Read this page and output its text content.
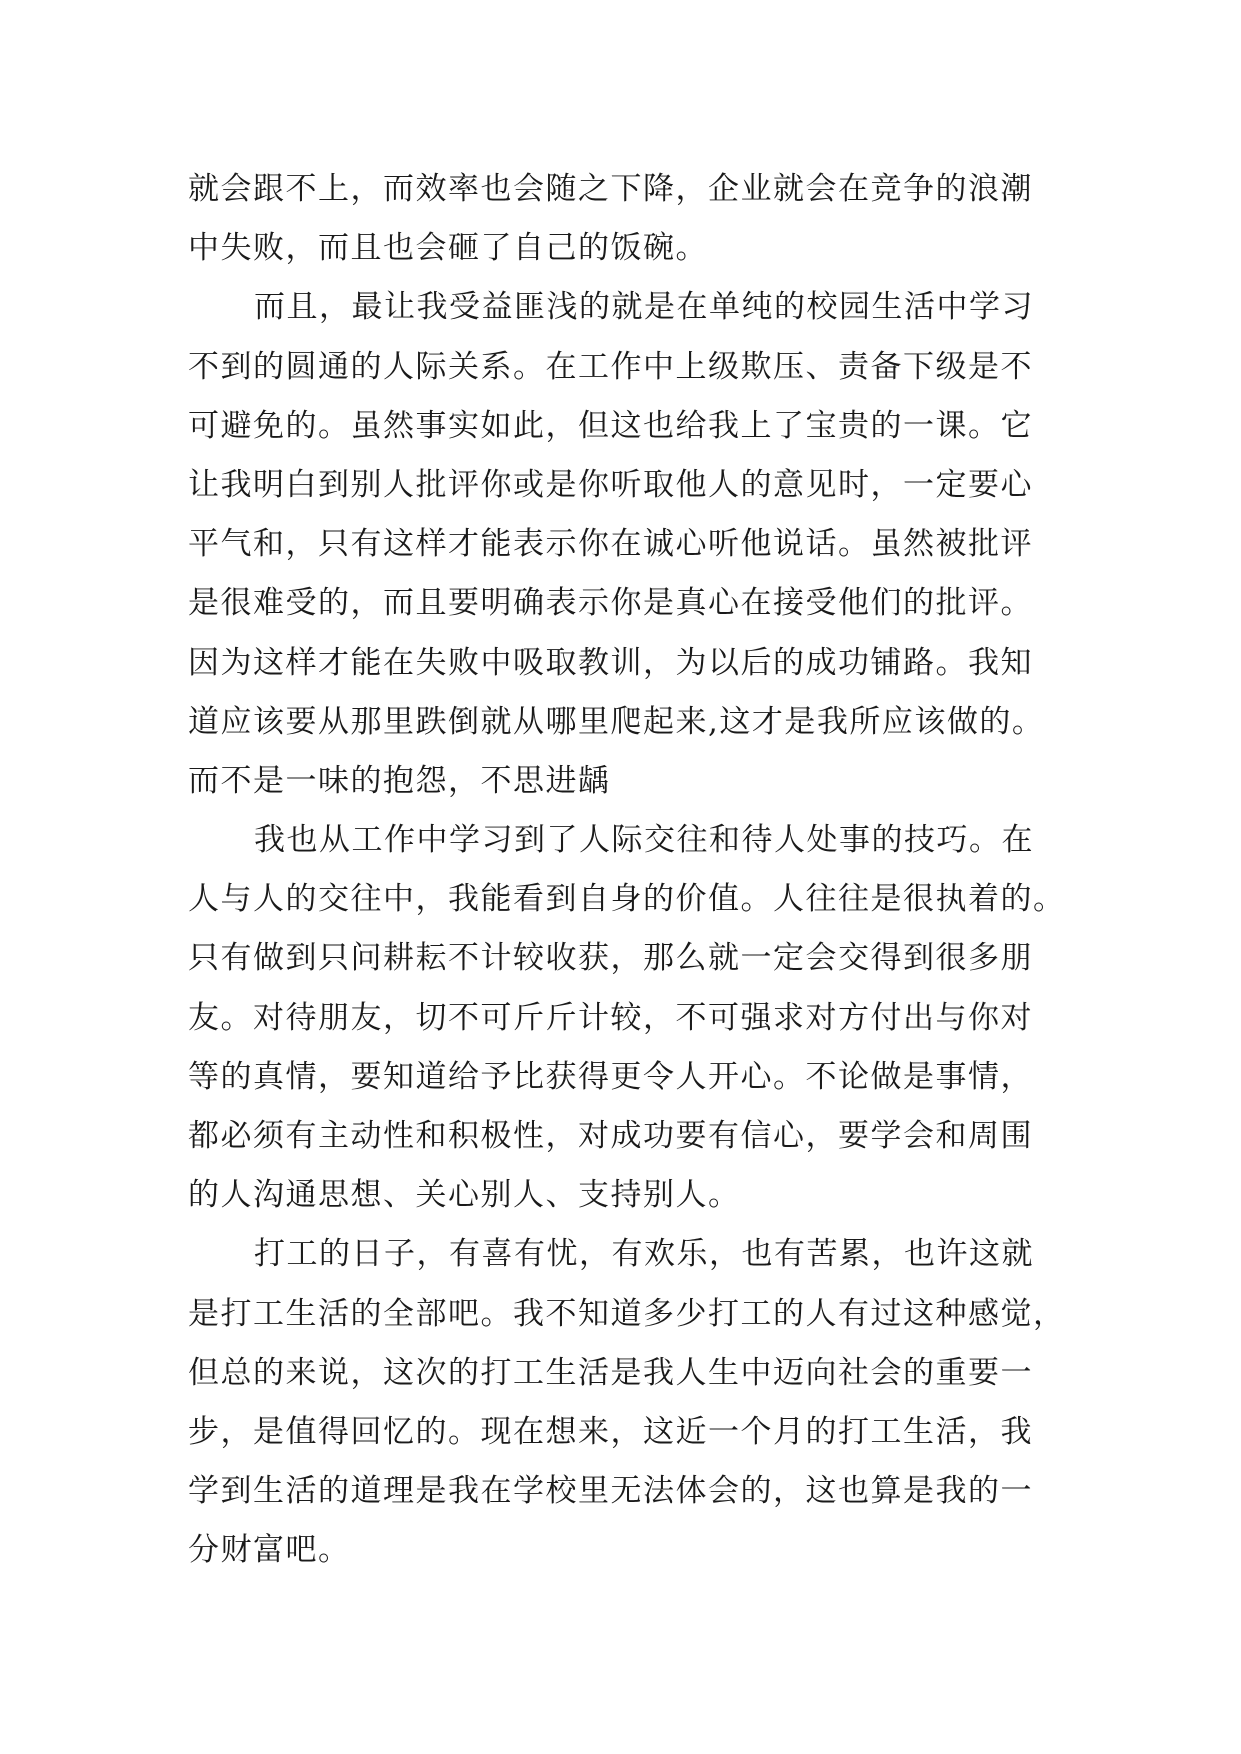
就会跟不上，而效率也会随之下降，企业就会在竞争的浪潮
中失败，而且也会砸了自己的饭碗。
而且，最让我受益匪浅的就是在单纯的校园生活中学习
不到的圆通的人际关系。在工作中上级欺压、责备下级是不
可避免的。虽然事实如此，但这也给我上了宝贵的一课。它
让我明白到别人批评你或是你听取他人的意见时，一定要心
平气和，只有这样才能表示你在诚心听他说话。虽然被批评
是很难受的，而且要明确表示你是真心在接受他们的批评。
因为这样才能在失败中吸取教训，为以后的成功铺路。我知
道应该要从那里跌倒就从哪里爬起来,这才是我所应该做的。
而不是一味的抱怨，不思进龋
我也从工作中学习到了人际交往和待人处事的技巧。在
人与人的交往中，我能看到自身的价值。人往往是很执着的。
只有做到只问耕耘不计较收获，那么就一定会交得到很多朋
友。对待朋友，切不可斤斤计较，不可强求对方付出与你对
等的真情，要知道给予比获得更令人开心。不论做是事情，
都必须有主动性和积极性，对成功要有信心，要学会和周围
的人沟通思想、关心别人、支持别人。
打工的日子，有喜有忧，有欢乐，也有苦累，也许这就
是打工生活的全部吧。我不知道多少打工的人有过这种感觉，
但总的来说，这次的打工生活是我人生中迈向社会的重要一
步，是值得回忆的。现在想来，这近一个月的打工生活，我
学到生活的道理是我在学校里无法体会的，这也算是我的一
分财富吧。
